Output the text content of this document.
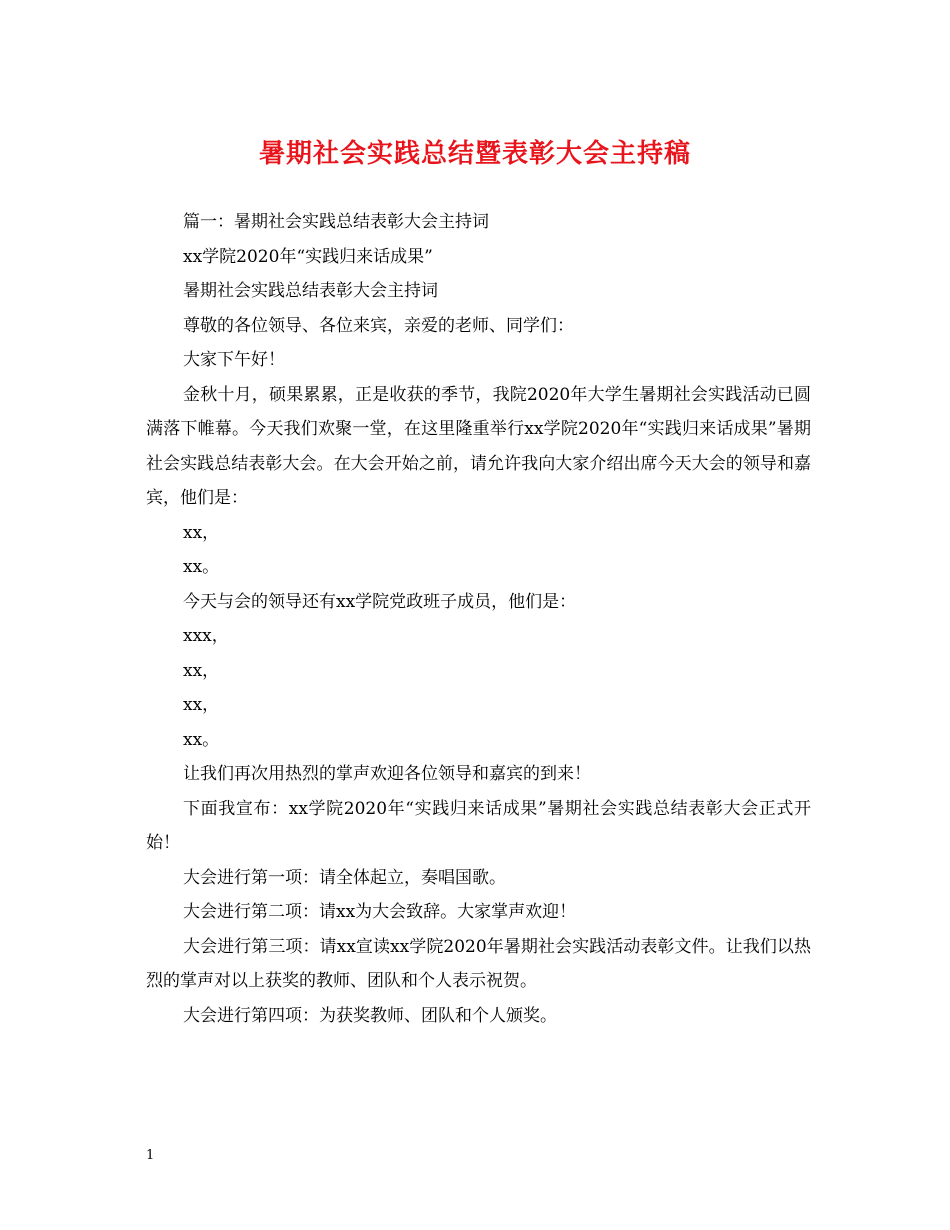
暑期社会实践总结暨表彰大会主持稿

篇一：暑期社会实践总结表彰大会主持词

xx学院2020年“实践归来话成果”

暑期社会实践总结表彰大会主持词

尊敬的各位领导、各位来宾，亲爱的老师、同学们：

大家下午好！

金秋十月，硕果累累，正是收获的季节，我院2020年大学生暑期社会实践活动已圆满落下帷幕。今天我们欢聚一堂，在这里隆重举行xx学院2020年“实践归来话成果”暑期社会实践总结表彰大会。在大会开始之前，请允许我向大家介绍出席今天大会的领导和嘉宾，他们是：

xx，

xx。

今天与会的领导还有xx学院党政班子成员，他们是：

xxx，

xx，

xx，

xx。

让我们再次用热烈的掌声欢迎各位领导和嘉宾的到来！

下面我宣布：xx学院2020年“实践归来话成果”暑期社会实践总结表彰大会正式开始！

大会进行第一项：请全体起立，奏唱国歌。

大会进行第二项：请xx为大会致辞。大家掌声欢迎！

大会进行第三项：请xx宣读xx学院2020年暑期社会实践活动表彰文件。让我们以热烈的掌声对以上获奖的教师、团队和个人表示祝贺。

大会进行第四项：为获奖教师、团队和个人颁奖。

1
